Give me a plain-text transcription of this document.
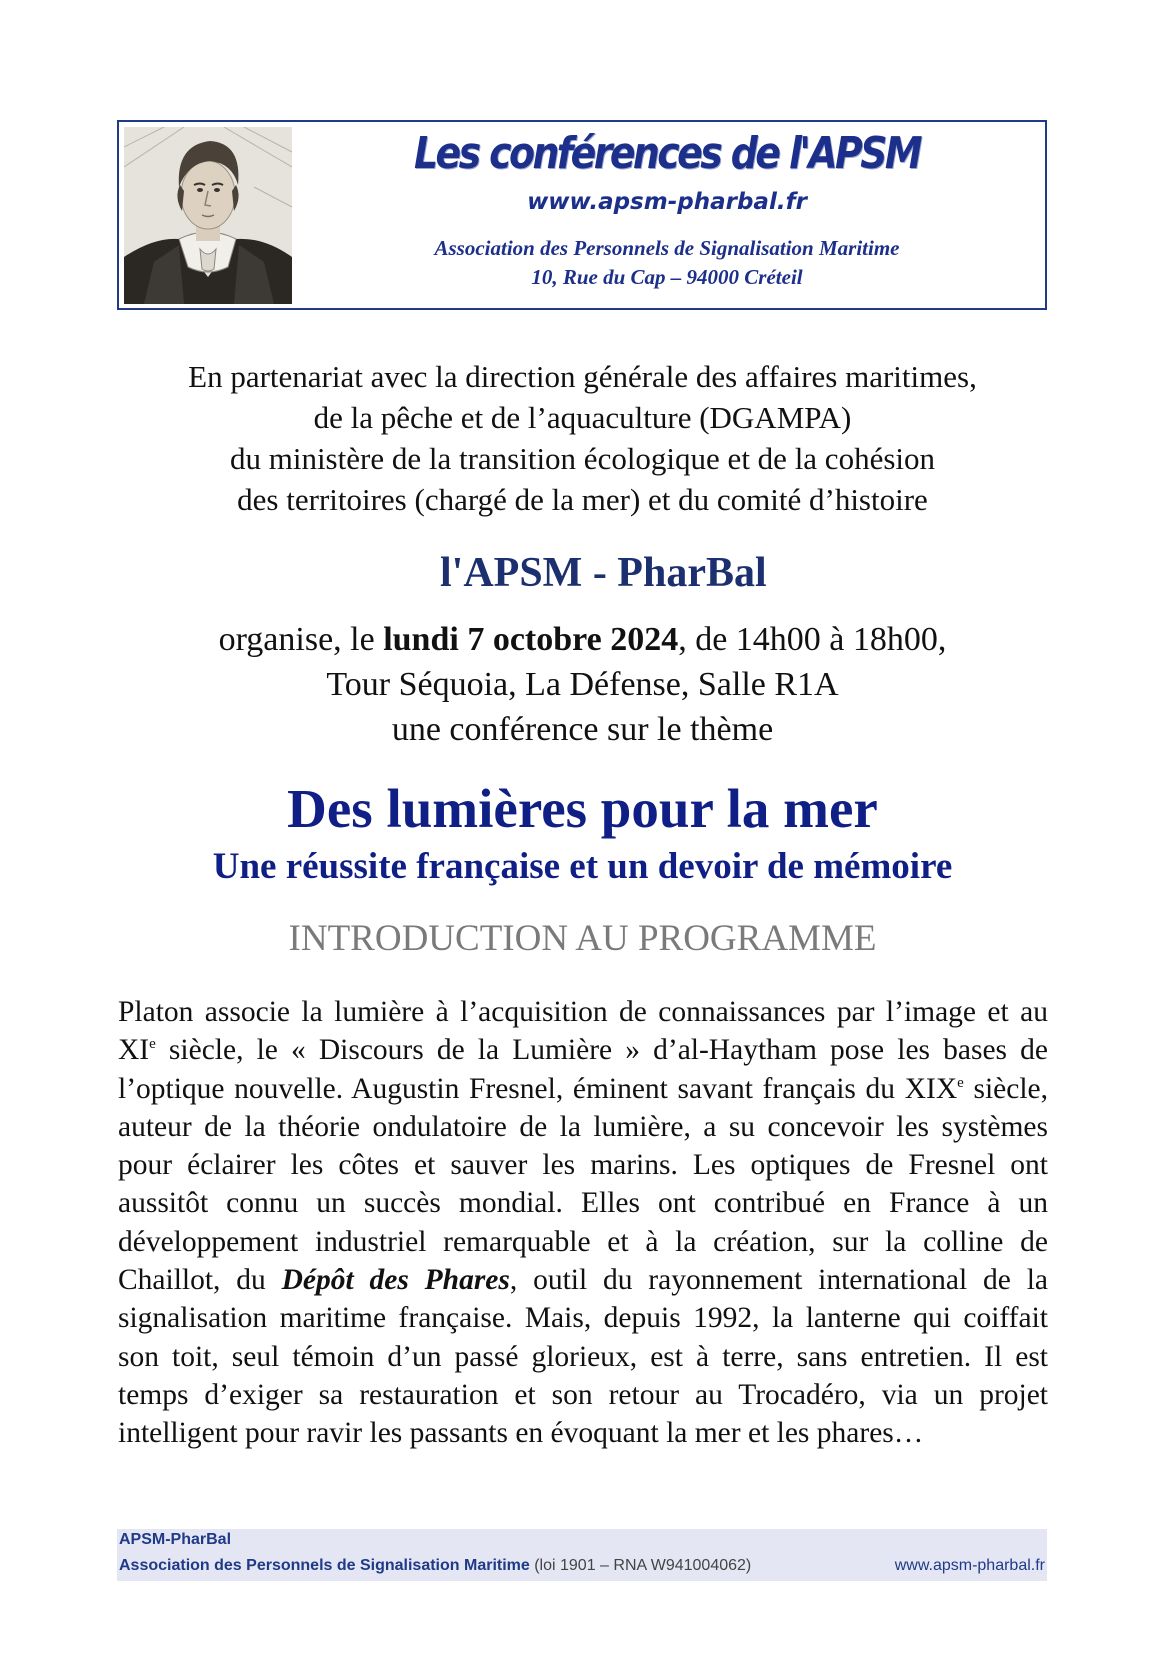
Les conférences de l'APSM
www.apsm-pharbal.fr
Association des Personnels de Signalisation Maritime
10, Rue du Cap – 94000 Créteil
En partenariat avec la direction générale des affaires maritimes,
de la pêche et de l’aquaculture (DGAMPA)
du ministère de la transition écologique et de la cohésion
des territoires (chargé de la mer) et du comité d’histoire
l'APSM - PharBal
organise, le lundi 7 octobre 2024, de 14h00 à 18h00,
Tour Séquoia, La Défense, Salle R1A
une conférence sur le thème
Des lumières pour la mer
Une réussite française et un devoir de mémoire
INTRODUCTION AU PROGRAMME
Platon associe la lumière à l’acquisition de connaissances par l’image et au XIe siècle, le « Discours de la Lumière » d’al-Haytham pose les bases de l’optique nouvelle. Augustin Fresnel, éminent savant français du XIXe siècle, auteur de la théorie ondulatoire de la lumière, a su concevoir les systèmes pour éclairer les côtes et sauver les marins. Les optiques de Fresnel ont aussitôt connu un succès mondial. Elles ont contribué en France à un développement industriel remarquable et à la création, sur la colline de Chaillot, du Dépôt des Phares, outil du rayonnement international de la signalisation maritime française. Mais, depuis 1992, la lanterne qui coiffait son toit, seul témoin d’un passé glorieux, est à terre, sans entretien. Il est temps d’exiger sa restauration et son retour au Trocadéro, via un projet intelligent pour ravir les passants en évoquant la mer et les phares…
APSM-PharBal
Association des Personnels de Signalisation Maritime (loi 1901 – RNA W941004062)	www.apsm-pharbal.fr
